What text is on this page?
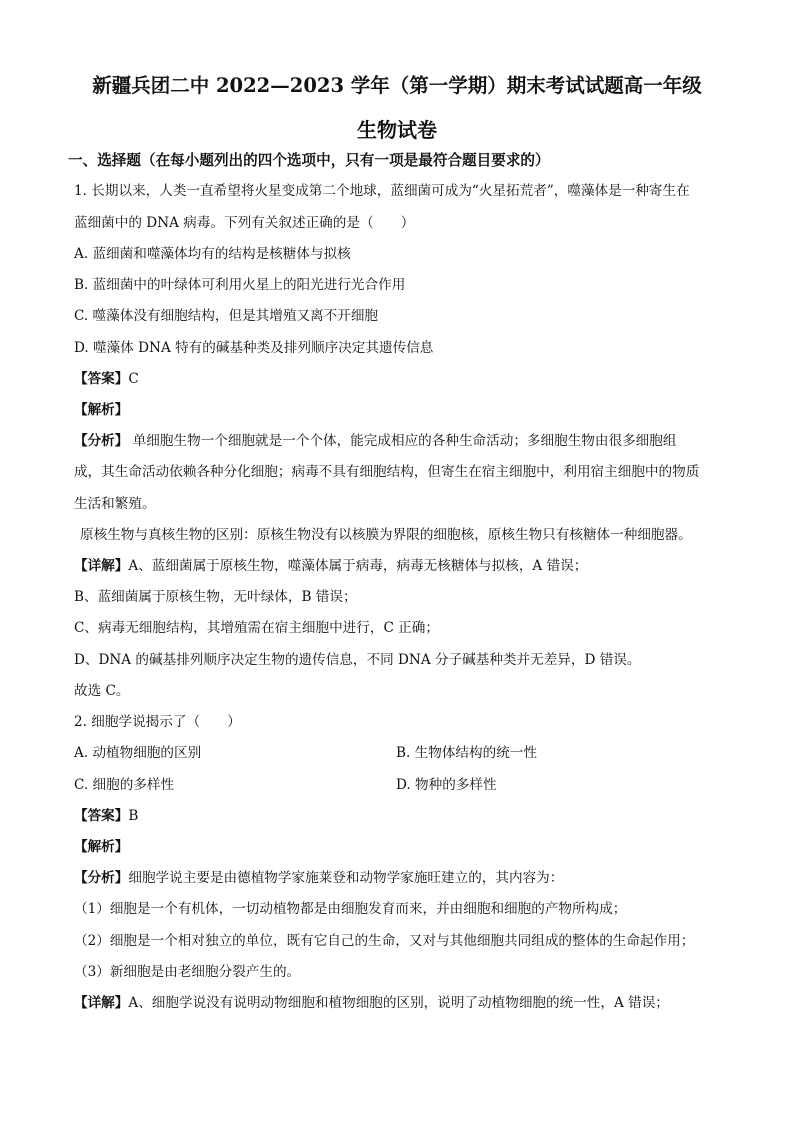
新疆兵团二中 2022—2023 学年（第一学期）期末考试试题高一年级
生物试卷
一、选择题（在每小题列出的四个选项中，只有一项是最符合题目要求的）
1. 长期以来，人类一直希望将火星变成第二个地球，蓝细菌可成为“火星拓荒者”，噬藻体是一种寄生在
蓝细菌中的 DNA 病毒。下列有关叙述正确的是（　　）
A. 蓝细菌和噬藻体均有的结构是核糖体与拟核
B. 蓝细菌中的叶绿体可利用火星上的阳光进行光合作用
C. 噬藻体没有细胞结构，但是其增殖又离不开细胞
D. 噬藻体 DNA 特有的碱基种类及排列顺序决定其遗传信息
【答案】C
【解析】
【分析】 单细胞生物一个细胞就是一个个体，能完成相应的各种生命活动；多细胞生物由很多细胞组
成，其生命活动依赖各种分化细胞；病毒不具有细胞结构，但寄生在宿主细胞中，利用宿主细胞中的物质
生活和繁殖。
原核生物与真核生物的区别：原核生物没有以核膜为界限的细胞核，原核生物只有核糖体一种细胞器。
【详解】A、蓝细菌属于原核生物，噬藻体属于病毒，病毒无核糖体与拟核，A 错误；
B、蓝细菌属于原核生物，无叶绿体，B 错误；
C、病毒无细胞结构，其增殖需在宿主细胞中进行，C 正确；
D、DNA 的碱基排列顺序决定生物的遗传信息，不同 DNA 分子碱基种类并无差异，D 错误。
故选 C。
2. 细胞学说揭示了（　　）
A. 动植物细胞的区别	B. 生物体结构的统一性
C. 细胞的多样性	D. 物种的多样性
【答案】B
【解析】
【分析】细胞学说主要是由德植物学家施莱登和动物学家施旺建立的，其内容为：
（1）细胞是一个有机体，一切动植物都是由细胞发育而来，并由细胞和细胞的产物所构成；
（2）细胞是一个相对独立的单位，既有它自己的生命，又对与其他细胞共同组成的整体的生命起作用；
（3）新细胞是由老细胞分裂产生的。
【详解】A、细胞学说没有说明动物细胞和植物细胞的区别，说明了动植物细胞的统一性，A 错误；
